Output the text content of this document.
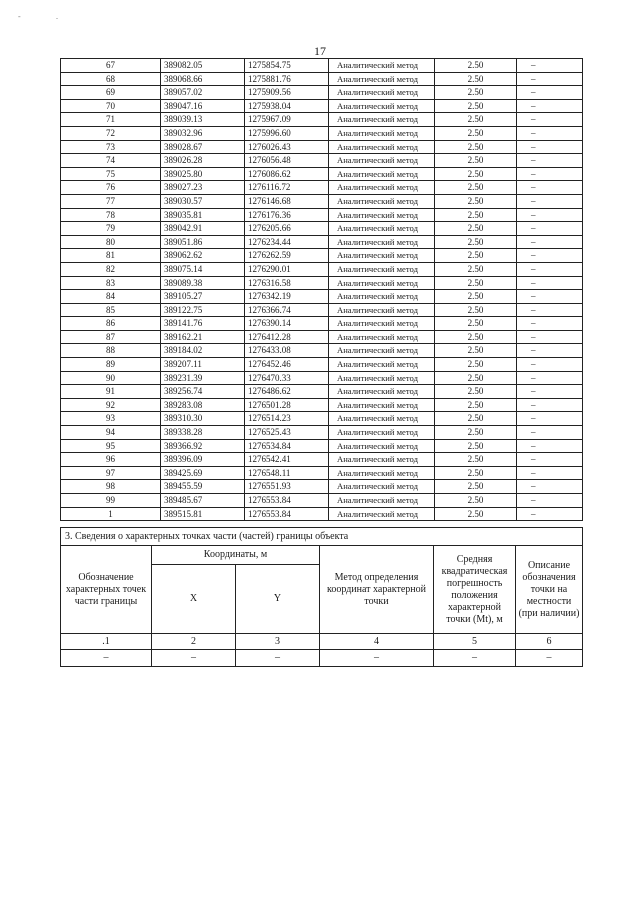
-	.
17
67	389082.05	1275854.75	Аналитический метод	2.50	–
68	389068.66	1275881.76	Аналитический метод	2.50	–
69	389057.02	1275909.56	Аналитический метод	2.50	–
70	389047.16	1275938.04	Аналитический метод	2.50	–
71	389039.13	1275967.09	Аналитический метод	2.50	–
72	389032.96	1275996.60	Аналитический метод	2.50	–
73	389028.67	1276026.43	Аналитический метод	2.50	–
74	389026.28	1276056.48	Аналитический метод	2.50	–
75	389025.80	1276086.62	Аналитический метод	2.50	–
76	389027.23	1276116.72	Аналитический метод	2.50	–
77	389030.57	1276146.68	Аналитический метод	2.50	–
78	389035.81	1276176.36	Аналитический метод	2.50	–
79	389042.91	1276205.66	Аналитический метод	2.50	–
80	389051.86	1276234.44	Аналитический метод	2.50	–
81	389062.62	1276262.59	Аналитический метод	2.50	–
82	389075.14	1276290.01	Аналитический метод	2.50	–
83	389089.38	1276316.58	Аналитический метод	2.50	–
84	389105.27	1276342.19	Аналитический метод	2.50	–
85	389122.75	1276366.74	Аналитический метод	2.50	–
86	389141.76	1276390.14	Аналитический метод	2.50	–
87	389162.21	1276412.28	Аналитический метод	2.50	–
88	389184.02	1276433.08	Аналитический метод	2.50	–
89	389207.11	1276452.46	Аналитический метод	2.50	–
90	389231.39	1276470.33	Аналитический метод	2.50	–
91	389256.74	1276486.62	Аналитический метод	2.50	–
92	389283.08	1276501.28	Аналитический метод	2.50	–
93	389310.30	1276514.23	Аналитический метод	2.50	–
94	389338.28	1276525.43	Аналитический метод	2.50	–
95	389366.92	1276534.84	Аналитический метод	2.50	–
96	389396.09	1276542.41	Аналитический метод	2.50	–
97	389425.69	1276548.11	Аналитический метод	2.50	–
98	389455.59	1276551.93	Аналитический метод	2.50	–
99	389485.67	1276553.84	Аналитический метод	2.50	–
1	389515.81	1276553.84	Аналитический метод	2.50	–
3. Сведения о характерных точках части (частей) границы объекта					
Обозначение характерных точек части границы	Координаты, м		Метод определения координат характерной точки	Средняя квадратическая погрешность положения характерной точки (Mt), м	Описание обозначения точки на местности (при наличии)
	X	Y			
.1	2	3	4	5	6
–	–	–	–	–	–
